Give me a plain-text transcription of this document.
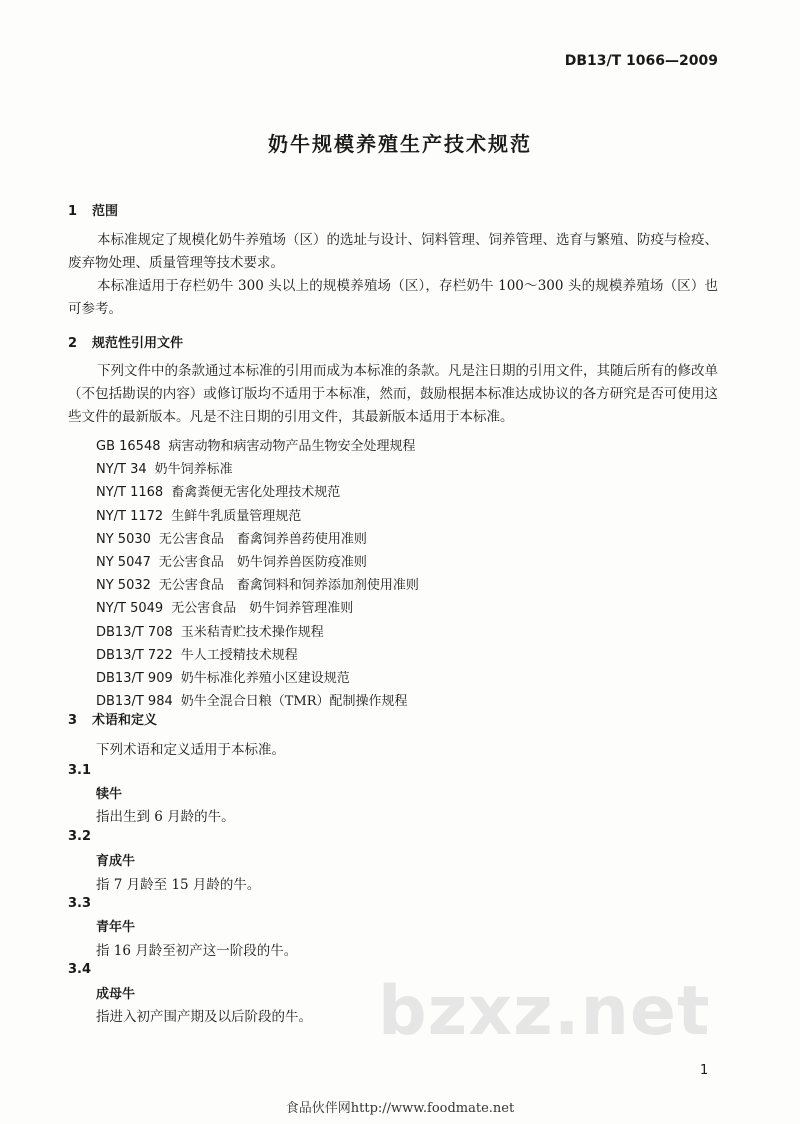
DB13/T 1066—2009
奶牛规模养殖生产技术规范
1 范围
本标准规定了规模化奶牛养殖场（区）的选址与设计、饲料管理、饲养管理、选育与繁殖、防疫与检疫、废弃物处理、质量管理等技术要求。
本标准适用于存栏奶牛 300 头以上的规模养殖场（区），存栏奶牛 100～300 头的规模养殖场（区）也可参考。
2 规范性引用文件
下列文件中的条款通过本标准的引用而成为本标准的条款。凡是注日期的引用文件，其随后所有的修改单（不包括勘误的内容）或修订版均不适用于本标准，然而，鼓励根据本标准达成协议的各方研究是否可使用这些文件的最新版本。凡是不注日期的引用文件，其最新版本适用于本标准。
GB 16548 病害动物和病害动物产品生物安全处理规程
NY/T 34 奶牛饲养标准
NY/T 1168 畜禽粪便无害化处理技术规范
NY/T 1172 生鲜牛乳质量管理规范
NY 5030 无公害食品　畜禽饲养兽药使用准则
NY 5047 无公害食品　奶牛饲养兽医防疫准则
NY 5032 无公害食品　畜禽饲料和饲养添加剂使用准则
NY/T 5049 无公害食品　奶牛饲养管理准则
DB13/T 708 玉米秸青贮技术操作规程
DB13/T 722 牛人工授精技术规程
DB13/T 909 奶牛标准化养殖小区建设规范
DB13/T 984 奶牛全混合日粮（TMR）配制操作规程
3 术语和定义
下列术语和定义适用于本标准。
3.1
犊牛
指出生到 6 月龄的牛。
3.2
育成牛
指 7 月龄至 15 月龄的牛。
3.3
青年牛
指 16 月龄至初产这一阶段的牛。
3.4
成母牛
指进入初产围产期及以后阶段的牛。 bzxz.net
1
食品伙伴网http://www.foodmate.net
